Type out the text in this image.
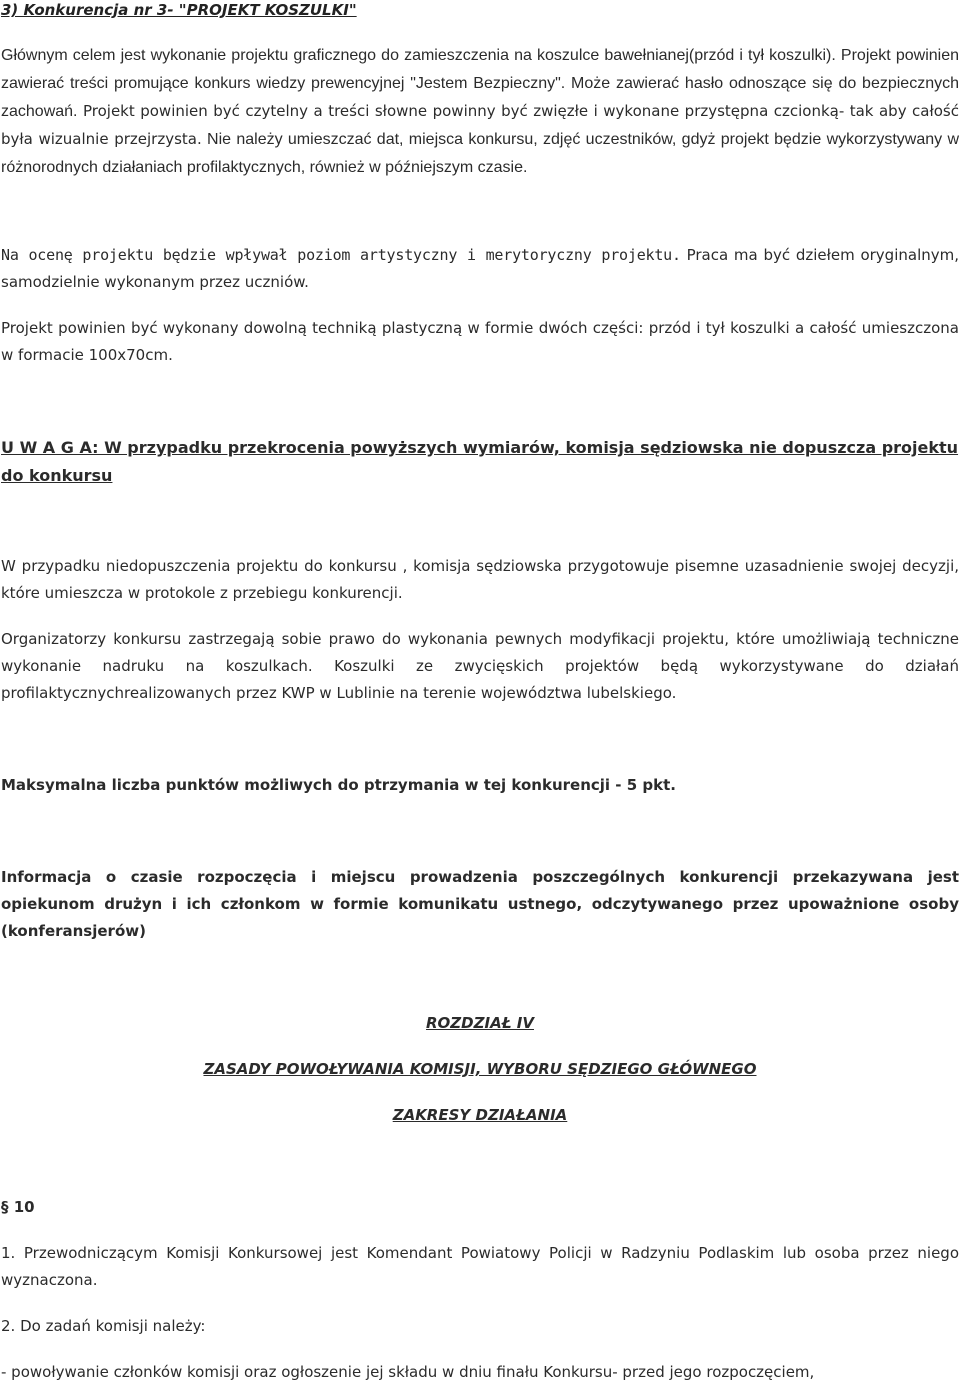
3) Konkurencja nr 3- "PROJEKT KOSZULKI"

Głównym celem jest wykonanie projektu graficznego do zamieszczenia na koszulce bawełnianej(przód i tył koszulki). Projekt powinien zawierać treści promujące konkurs wiedzy prewencyjnej "Jestem Bezpieczny". Może zawierać hasło odnoszące się do bezpiecznych zachowań. Projekt powinien być czytelny a treści słowne powinny być zwięzłe i wykonane przystępna czcionką- tak aby całość była wizualnie przejrzysta. Nie należy umieszczać dat, miejsca konkursu, zdjęć uczestników, gdyż projekt będzie wykorzystywany w różnorodnych działaniach profilaktycznych, również w późniejszym czasie.

Na ocenę projektu będzie wpływał poziom artystyczny i merytoryczny projektu. Praca ma być dziełem oryginalnym, samodzielnie wykonanym przez uczniów.

Projekt powinien być wykonany dowolną techniką plastyczną w formie dwóch części: przód i tył koszulki a całość umieszczona w formacie 100x70cm.

U W A G A: W przypadku przekrocenia powyższych wymiarów, komisja sędziowska nie dopuszcza projektu do konkursu

W przypadku niedopuszczenia projektu do konkursu , komisja sędziowska przygotowuje pisemne uzasadnienie swojej decyzji, które umieszcza w protokole z przebiegu konkurencji.

Organizatorzy konkursu zastrzegają sobie prawo do wykonania pewnych modyfikacji projektu, które umożliwiają techniczne wykonanie nadruku na koszulkach. Koszulki ze zwycięskich projektów będą wykorzystywane do działań profilaktycznychrealizowanych przez KWP w Lublinie na terenie województwa lubelskiego.

Maksymalna liczba punktów możliwych do ptrzymania w tej konkurencji - 5 pkt.

Informacja o czasie rozpoczęcia i miejscu prowadzenia poszczególnych konkurencji przekazywana jest opiekunom drużyn i ich członkom w formie komunikatu ustnego, odczytywanego przez upoważnione osoby (konferansjerów)

ROZDZIAŁ IV

ZASADY POWOŁYWANIA KOMISJI, WYBORU SĘDZIEGO GŁÓWNEGO

ZAKRESY DZIAŁANIA

§ 10

1. Przewodniczącym Komisji Konkursowej jest Komendant Powiatowy Policji w Radzyniu Podlaskim lub osoba przez niego wyznaczona.

2. Do zadań komisji należy:

- powoływanie członków komisji oraz ogłoszenie jej składu w dniu finału Konkursu- przed jego rozpoczęciem,
